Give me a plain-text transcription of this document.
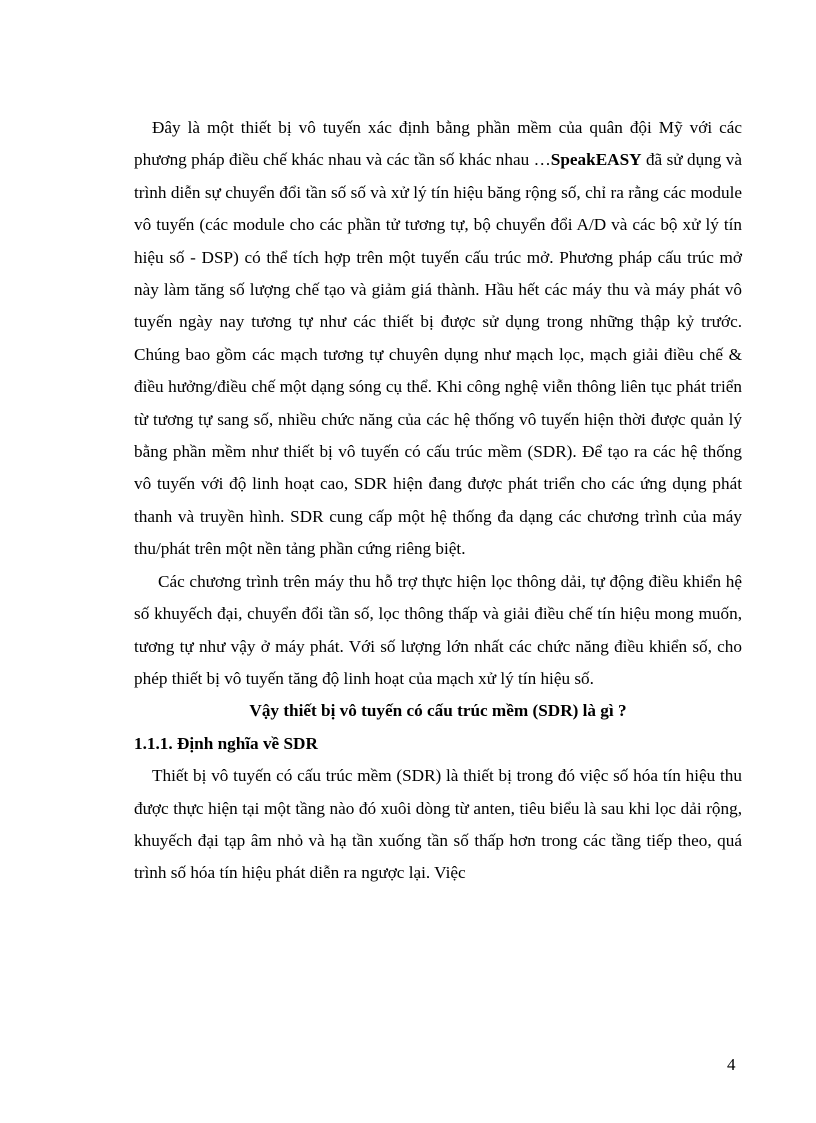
Đây là một thiết bị vô tuyến xác định bằng phần mềm của quân đội Mỹ với các phương pháp điều chế khác nhau và các tần số khác nhau …SpeakEASY đã sử dụng và trình diễn sự chuyển đổi tần số số và xử lý tín hiệu băng rộng số, chỉ ra rằng các module vô tuyến (các module cho các phần tử tương tự, bộ chuyển đổi A/D và các bộ xử lý tín hiệu số - DSP) có thể tích hợp trên một tuyến cấu trúc mở. Phương pháp cấu trúc mở này làm tăng số lượng chế tạo và giảm giá thành. Hầu hết các máy thu và máy phát vô tuyến ngày nay tương tự như các thiết bị được sử dụng trong những thập kỷ trước. Chúng bao gồm các mạch tương tự chuyên dụng như mạch lọc, mạch giải điều chế & điều hưởng/điều chế một dạng sóng cụ thể. Khi công nghệ viễn thông liên tục phát triển từ tương tự sang số, nhiều chức năng của các hệ thống vô tuyến hiện thời được quản lý bằng phần mềm như thiết bị vô tuyến có cấu trúc mềm (SDR). Để tạo ra các hệ thống vô tuyến với độ linh hoạt cao, SDR hiện đang được phát triển cho các ứng dụng phát thanh và truyền hình. SDR cung cấp một hệ thống đa dạng các chương trình của máy thu/phát trên một nền tảng phần cứng riêng biệt.

Các chương trình trên máy thu hỗ trợ thực hiện lọc thông dải, tự động điều khiển hệ số khuyếch đại, chuyển đổi tần số, lọc thông thấp và giải điều chế tín hiệu mong muốn, tương tự như vậy ở máy phát. Với số lượng lớn nhất các chức năng điều khiển số, cho phép thiết bị vô tuyến tăng độ linh hoạt của mạch xử lý tín hiệu số.

Vậy thiết bị vô tuyến có cấu trúc mềm (SDR) là gì ?

1.1.1. Định nghĩa về SDR

Thiết bị vô tuyến có cấu trúc mềm (SDR) là thiết bị trong đó việc số hóa tín hiệu thu được thực hiện tại một tầng nào đó xuôi dòng từ anten, tiêu biểu là sau khi lọc dải rộng, khuyếch đại tạp âm nhỏ và hạ tần xuống tần số thấp hơn trong các tầng tiếp theo, quá trình số hóa tín hiệu phát diễn ra ngược lại. Việc

4
